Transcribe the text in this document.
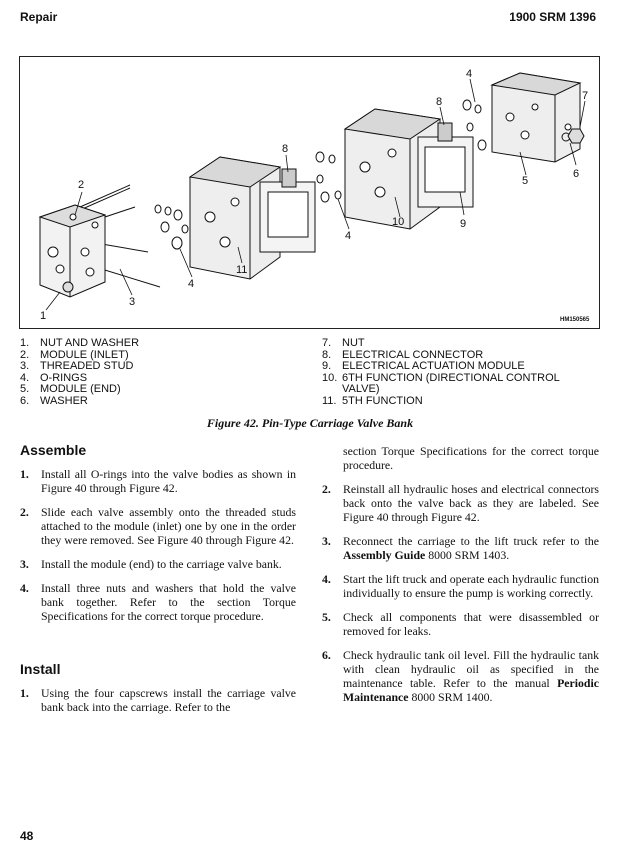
Repair	1900 SRM 1396
1
2
3
4
4
4
5
6
7
8
8
9
10
11
HM150565
1. NUT AND WASHER
2. MODULE (INLET)
3. THREADED STUD
4. O-RINGS
5. MODULE (END)
6. WASHER
7. NUT
8. ELECTRICAL CONNECTOR
9. ELECTRICAL ACTUATION MODULE
10. 6TH FUNCTION (DIRECTIONAL CONTROL
VALVE)
11. 5TH FUNCTION
Figure 42. Pin-Type Carriage Valve Bank
Assemble
1.	Install all O-rings into the valve bodies as shown in Figure 40 through Figure 42.
2.	Slide each valve assembly onto the threaded studs attached to the module (inlet) one by one in the order they were removed. See Figure 40 through Figure 42.
3.	Install the module (end) to the carriage valve bank.
4.	Install three nuts and washers that hold the valve bank together. Refer to the section Torque Specifications for the correct torque procedure.
Install
1.	Using the four capscrews install the carriage valve bank back into the carriage. Refer to the
section Torque Specifications for the correct torque procedure.
2.	Reinstall all hydraulic hoses and electrical connectors back onto the valve back as they are labeled. See Figure 40 through Figure 42.
3.	Reconnect the carriage to the lift truck refer to the Assembly Guide 8000 SRM 1403.
4.	Start the lift truck and operate each hydraulic function individually to ensure the pump is working correctly.
5.	Check all components that were disassembled or removed for leaks.
6.	Check hydraulic tank oil level. Fill the hydraulic tank with clean hydraulic oil as specified in the maintenance table. Refer to the manual Periodic Maintenance 8000 SRM 1400.
48
